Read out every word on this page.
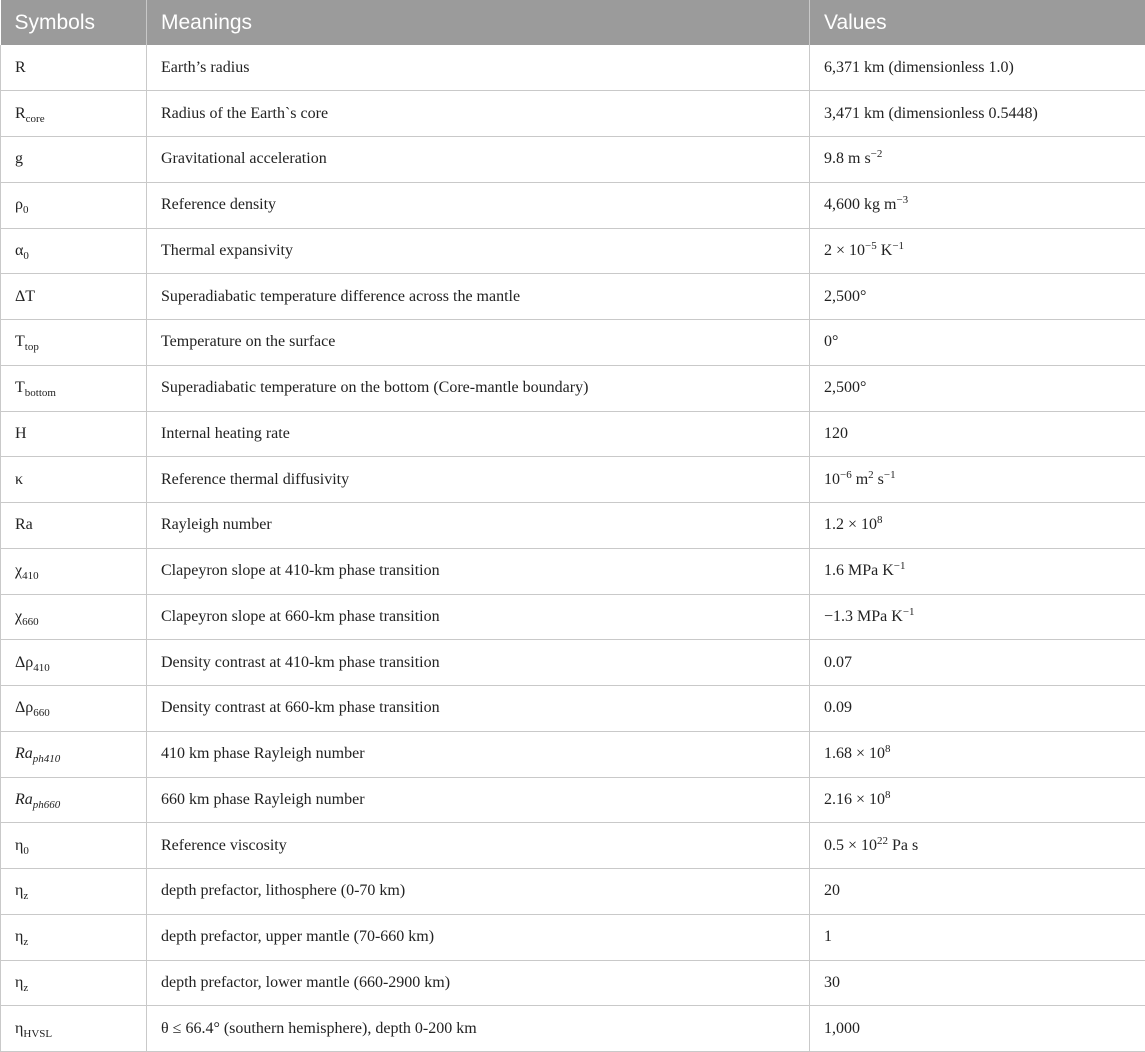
Symbols	Meanings	Values
R	Earth’s radius	6,371 km (dimensionless 1.0)
$R_{core}$	Radius of the Earth`s core	3,471 km (dimensionless 0.5448)
g	Gravitational acceleration	9.8 m $s^{-2}$
$\rho_0$	Reference density	4,600 kg $m^{-3}$
$\alpha_0$	Thermal expansivity	$2 \times 10^{-5}$ $K^{-1}$
ΔT	Superadiabatic temperature difference across the mantle	2,500°
$T_{top}$	Temperature on the surface	0°
$T_{bottom}$	Superadiabatic temperature on the bottom (Core-mantle boundary)	2,500°
H	Internal heating rate	120
κ	Reference thermal diffusivity	$10^{-6}$ $m^2$ $s^{-1}$
Ra	Rayleigh number	$1.2 \times 10^8$
$\chi_{410}$	Clapeyron slope at 410-km phase transition	1.6 MPa $K^{-1}$
$\chi_{660}$	Clapeyron slope at 660-km phase transition	−1.3 MPa $K^{-1}$
$\Delta\rho_{410}$	Density contrast at 410-km phase transition	0.07
$\Delta\rho_{660}$	Density contrast at 660-km phase transition	0.09
$Ra_{ph410}$	410 km phase Rayleigh number	$1.68 \times 10^8$
$Ra_{ph660}$	660 km phase Rayleigh number	$2.16 \times 10^8$
$\eta_0$	Reference viscosity	$0.5 \times 10^{22}$ Pa s
$\eta_z$	depth prefactor, lithosphere (0-70 km)	20
$\eta_z$	depth prefactor, upper mantle (70-660 km)	1
$\eta_z$	depth prefactor, lower mantle (660-2900 km)	30
$\eta_{HVSL}$	θ ≤ 66.4° (southern hemisphere), depth 0-200 km	1,000
